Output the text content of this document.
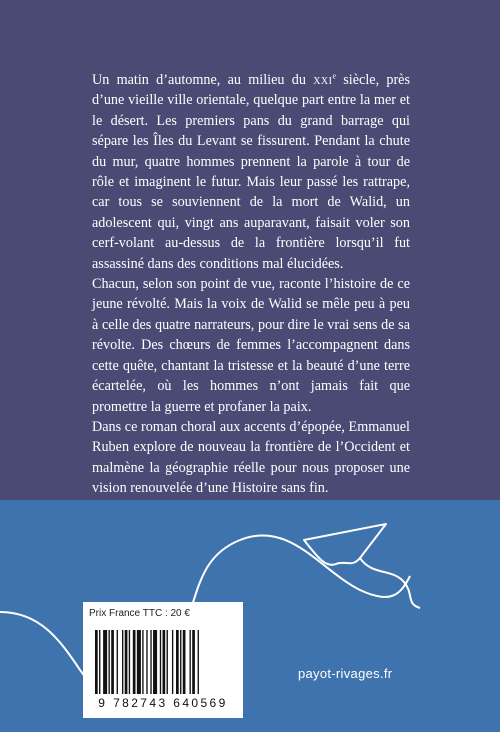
Un matin d’automne, au milieu du xxi$^e$ siècle, près d’une vieille ville orientale, quelque part entre la mer et le désert. Les premiers pans du grand barrage qui sépare les Îles du Levant se fissurent. Pendant la chute du mur, quatre hommes prennent la parole à tour de rôle et imaginent le futur. Mais leur passé les rattrape, car tous se souviennent de la mort de Walid, un adolescent qui, vingt ans auparavant, faisait voler son cerf-volant au-dessus de la frontière lorsqu’il fut assassiné dans des conditions mal élucidées.

Chacun, selon son point de vue, raconte l’histoire de ce jeune révolté. Mais la voix de Walid se mêle peu à peu à celle des quatre narrateurs, pour dire le vrai sens de sa révolte. Des chœurs de femmes l’accompagnent dans cette quête, chantant la tristesse et la beauté d’une terre écartelée, où les hommes n’ont jamais fait que promettre la guerre et profaner la paix.

Dans ce roman choral aux accents d’épopée, Emmanuel Ruben explore de nouveau la frontière de l’Occident et malmène la géographie réelle pour nous proposer une vision renouvelée d’une Histoire sans fin.

Prix France TTC : 20 €
9 782743 640569
payot-rivages.fr
